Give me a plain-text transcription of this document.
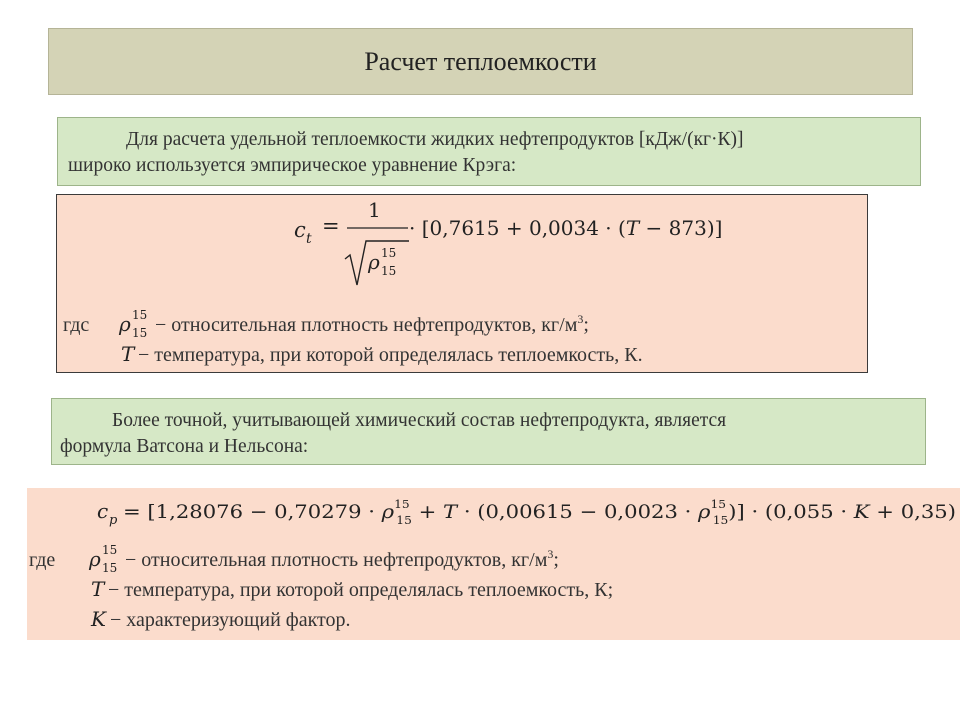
Расчет теплоемкости
Для расчета удельной теплоемкости жидких нефтепродуктов [кДж/(кг·К)]
широко используется эмпирическое уравнение Крэга:
c t
=
1
ρ 15
15
· [0,7615 + 0,0034 · (T − 873)]
гдс ρ 15
15 − относительная плотность нефтепродуктов, $кг/м^3$;
T − температура, при которой определялась теплоемкость, К.
Более точной, учитывающей химический состав нефтепродукта, является
формула Ватсона и Нельсона:
c $p = [1,28076 - 0,70279 \cdot \rho^{15}$ $15 + T \cdot (0,00615 - 0,0023 \cdot \rho^{15}$ 15)] · (0,055 · K + 0,35)
где ρ 15
15 − относительная плотность нефтепродуктов, $кг/м^3$;
T − температура, при которой определялась теплоемкость, К;
K − характеризующий фактор.
